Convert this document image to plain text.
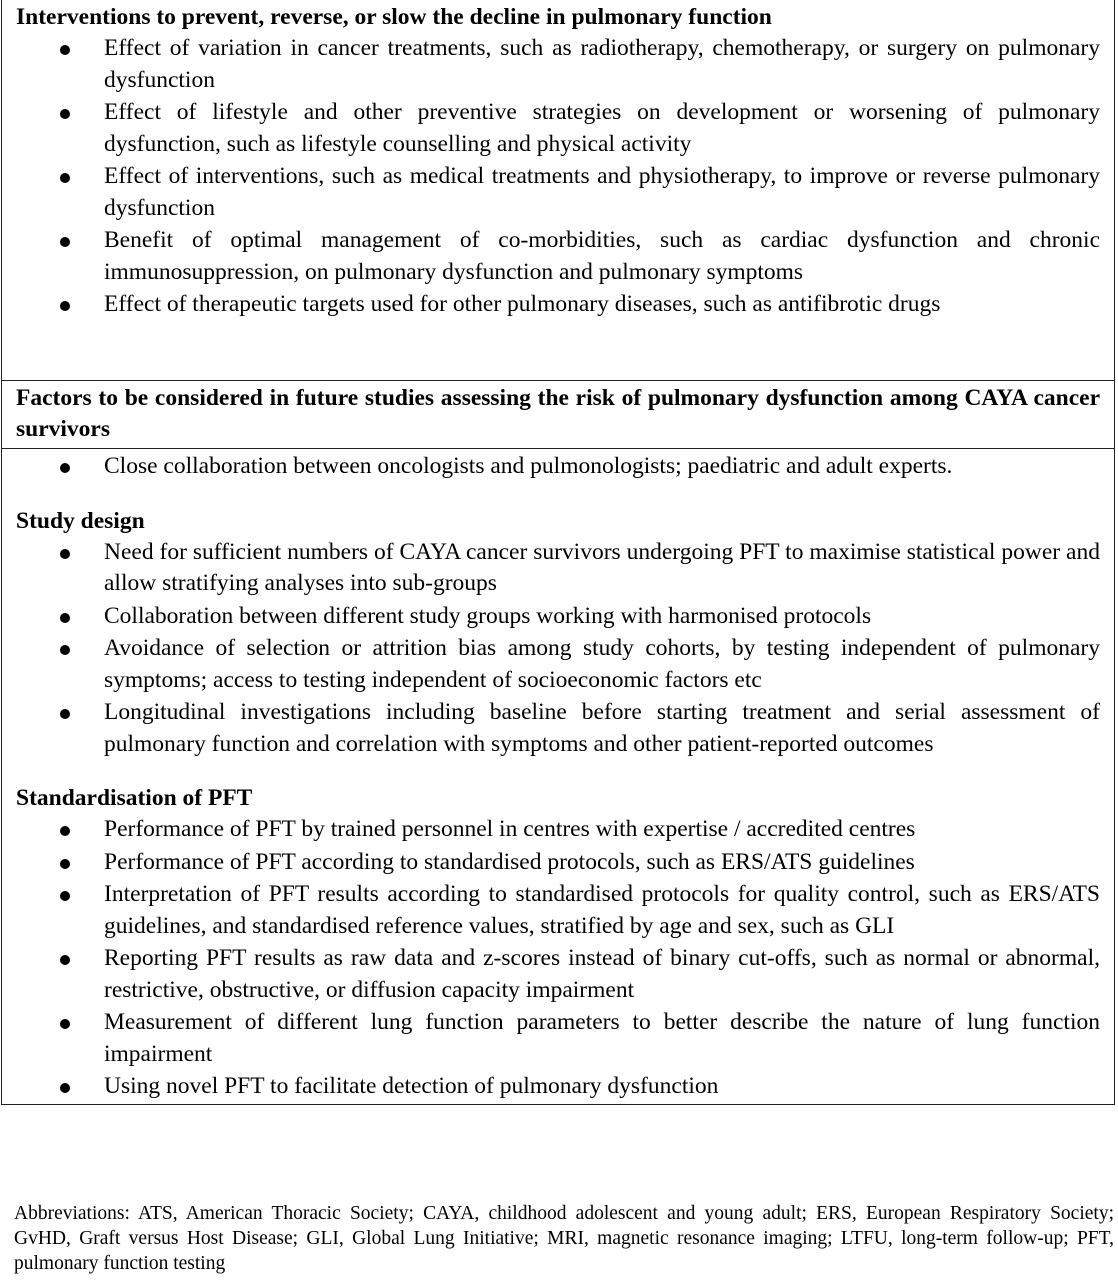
Interventions to prevent, reverse, or slow the decline in pulmonary function

Effect of variation in cancer treatments, such as radiotherapy, chemotherapy, or surgery on pulmonary dysfunction
Effect of lifestyle and other preventive strategies on development or worsening of pulmonary dysfunction, such as lifestyle counselling and physical activity
Effect of interventions, such as medical treatments and physiotherapy, to improve or reverse pulmonary dysfunction
Benefit of optimal management of co-morbidities, such as cardiac dysfunction and chronic immunosuppression, on pulmonary dysfunction and pulmonary symptoms
Effect of therapeutic targets used for other pulmonary diseases, such as antifibrotic drugs

Factors to be considered in future studies assessing the risk of pulmonary dysfunction among CAYA cancer survivors

Close collaboration between oncologists and pulmonologists; paediatric and adult experts.

Study design

Need for sufficient numbers of CAYA cancer survivors undergoing PFT to maximise statistical power and allow stratifying analyses into sub-groups
Collaboration between different study groups working with harmonised protocols
Avoidance of selection or attrition bias among study cohorts, by testing independent of pulmonary symptoms; access to testing independent of socioeconomic factors etc
Longitudinal investigations including baseline before starting treatment and serial assessment of pulmonary function and correlation with symptoms and other patient-reported outcomes

Standardisation of PFT

Performance of PFT by trained personnel in centres with expertise / accredited centres
Performance of PFT according to standardised protocols, such as ERS/ATS guidelines
Interpretation of PFT results according to standardised protocols for quality control, such as ERS/ATS guidelines, and standardised reference values, stratified by age and sex, such as GLI
Reporting PFT results as raw data and z-scores instead of binary cut-offs, such as normal or abnormal, restrictive, obstructive, or diffusion capacity impairment
Measurement of different lung function parameters to better describe the nature of lung function impairment
Using novel PFT to facilitate detection of pulmonary dysfunction

Abbreviations: ATS, American Thoracic Society; CAYA, childhood adolescent and young adult; ERS, European Respiratory Society; GvHD, Graft versus Host Disease; GLI, Global Lung Initiative; MRI, magnetic resonance imaging; LTFU, long-term follow-up; PFT, pulmonary function testing
